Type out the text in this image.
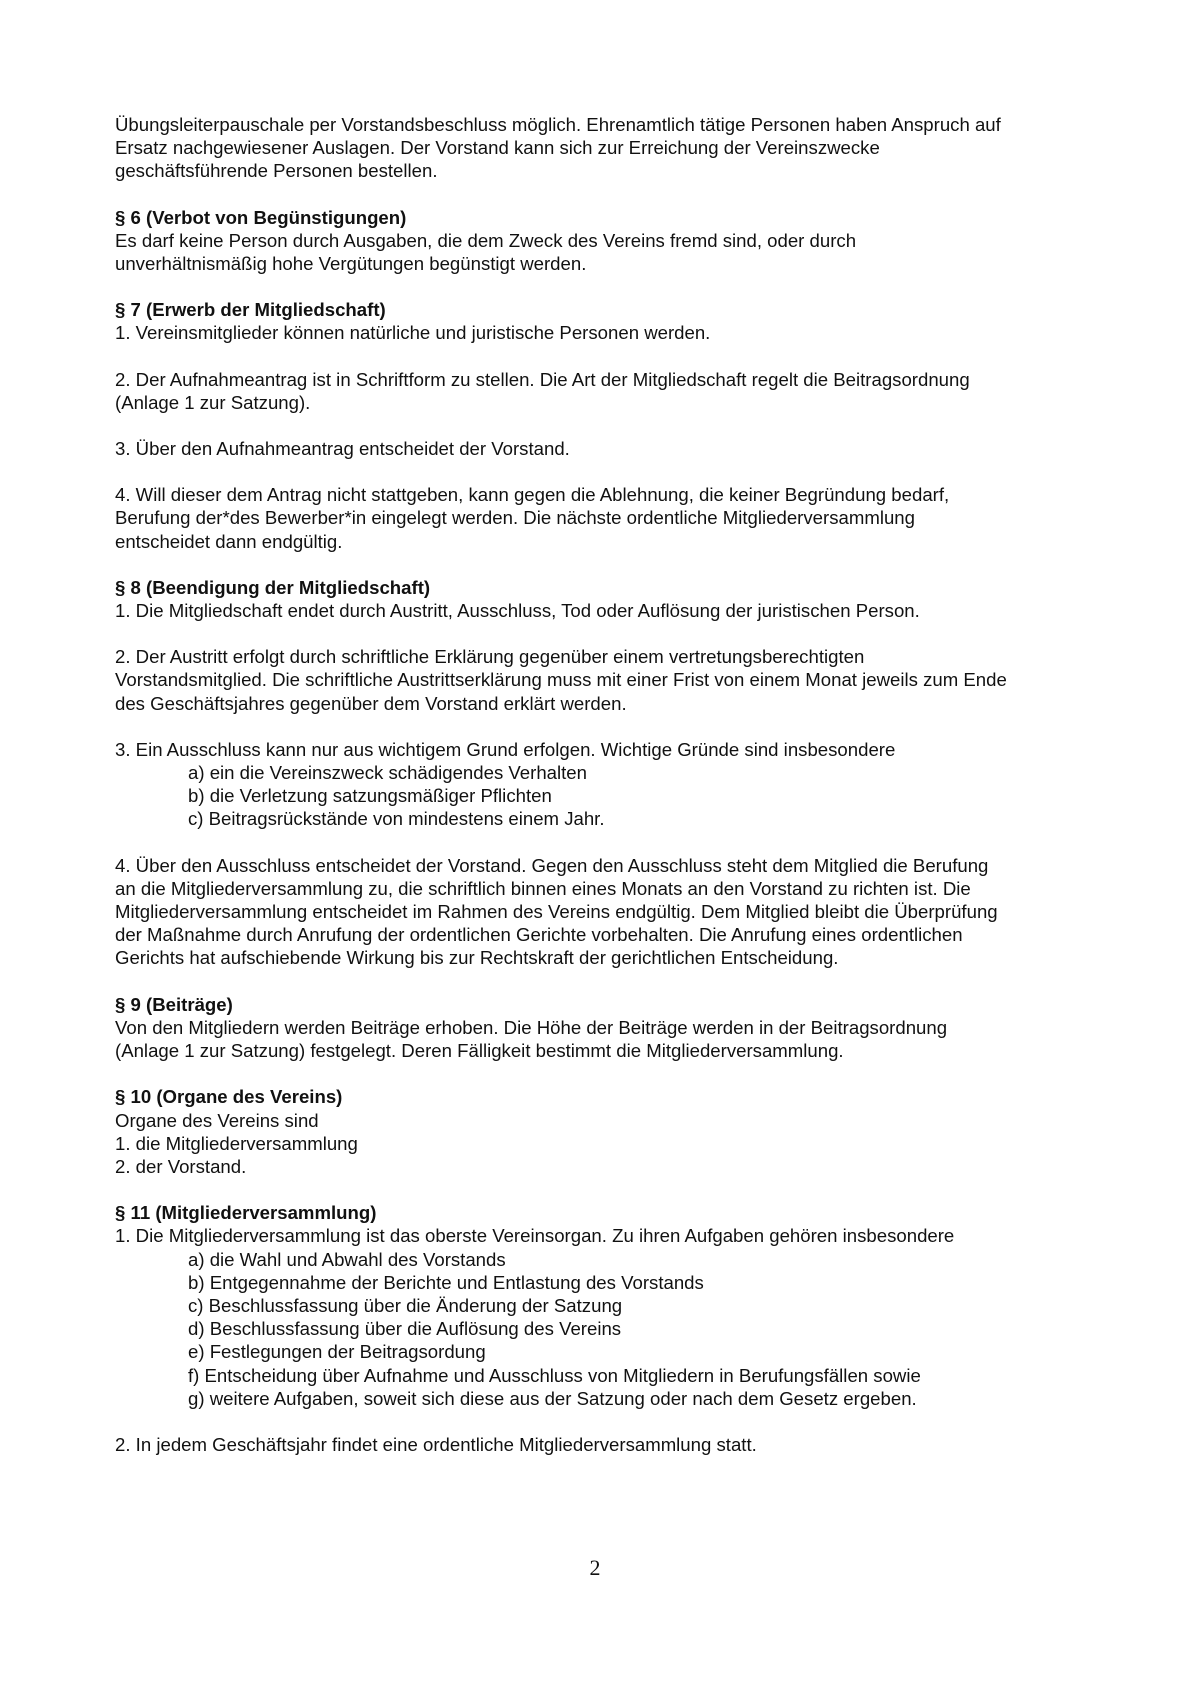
Übungsleiterpauschale per Vorstandsbeschluss möglich. Ehrenamtlich tätige Personen haben Anspruch auf
Ersatz nachgewiesener Auslagen. Der Vorstand kann sich zur Erreichung der Vereinszwecke
geschäftsführende Personen bestellen.
§ 6 (Verbot von Begünstigungen)
Es darf keine Person durch Ausgaben, die dem Zweck des Vereins fremd sind, oder durch
unverhältnismäßig hohe Vergütungen begünstigt werden.
§ 7 (Erwerb der Mitgliedschaft)
1. Vereinsmitglieder können natürliche und juristische Personen werden.
2. Der Aufnahmeantrag ist in Schriftform zu stellen. Die Art der Mitgliedschaft regelt die Beitragsordnung
(Anlage 1 zur Satzung).
3. Über den Aufnahmeantrag entscheidet der Vorstand.
4. Will dieser dem Antrag nicht stattgeben, kann gegen die Ablehnung, die keiner Begründung bedarf,
Berufung der*des Bewerber*in eingelegt werden. Die nächste ordentliche Mitgliederversammlung
entscheidet dann endgültig.
§ 8 (Beendigung der Mitgliedschaft)
1. Die Mitgliedschaft endet durch Austritt, Ausschluss, Tod oder Auflösung der juristischen Person.
2. Der Austritt erfolgt durch schriftliche Erklärung gegenüber einem vertretungsberechtigten
Vorstandsmitglied. Die schriftliche Austrittserklärung muss mit einer Frist von einem Monat jeweils zum Ende
des Geschäftsjahres gegenüber dem Vorstand erklärt werden.
3. Ein Ausschluss kann nur aus wichtigem Grund erfolgen. Wichtige Gründe sind insbesondere
a) ein die Vereinszweck schädigendes Verhalten
b) die Verletzung satzungsmäßiger Pflichten
c) Beitragsrückstände von mindestens einem Jahr.
4. Über den Ausschluss entscheidet der Vorstand. Gegen den Ausschluss steht dem Mitglied die Berufung
an die Mitgliederversammlung zu, die schriftlich binnen eines Monats an den Vorstand zu richten ist. Die
Mitgliederversammlung entscheidet im Rahmen des Vereins endgültig. Dem Mitglied bleibt die Überprüfung
der Maßnahme durch Anrufung der ordentlichen Gerichte vorbehalten. Die Anrufung eines ordentlichen
Gerichts hat aufschiebende Wirkung bis zur Rechtskraft der gerichtlichen Entscheidung.
§ 9 (Beiträge)
Von den Mitgliedern werden Beiträge erhoben. Die Höhe der Beiträge werden in der Beitragsordnung
(Anlage 1 zur Satzung) festgelegt. Deren Fälligkeit bestimmt die Mitgliederversammlung.
§ 10 (Organe des Vereins)
Organe des Vereins sind
1. die Mitgliederversammlung
2. der Vorstand.
§ 11 (Mitgliederversammlung)
1. Die Mitgliederversammlung ist das oberste Vereinsorgan. Zu ihren Aufgaben gehören insbesondere
a) die Wahl und Abwahl des Vorstands
b) Entgegennahme der Berichte und Entlastung des Vorstands
c) Beschlussfassung über die Änderung der Satzung
d) Beschlussfassung über die Auflösung des Vereins
e) Festlegungen der Beitragsordung
f) Entscheidung über Aufnahme und Ausschluss von Mitgliedern in Berufungsfällen sowie
g) weitere Aufgaben, soweit sich diese aus der Satzung oder nach dem Gesetz ergeben.
2. In jedem Geschäftsjahr findet eine ordentliche Mitgliederversammlung statt.
2
